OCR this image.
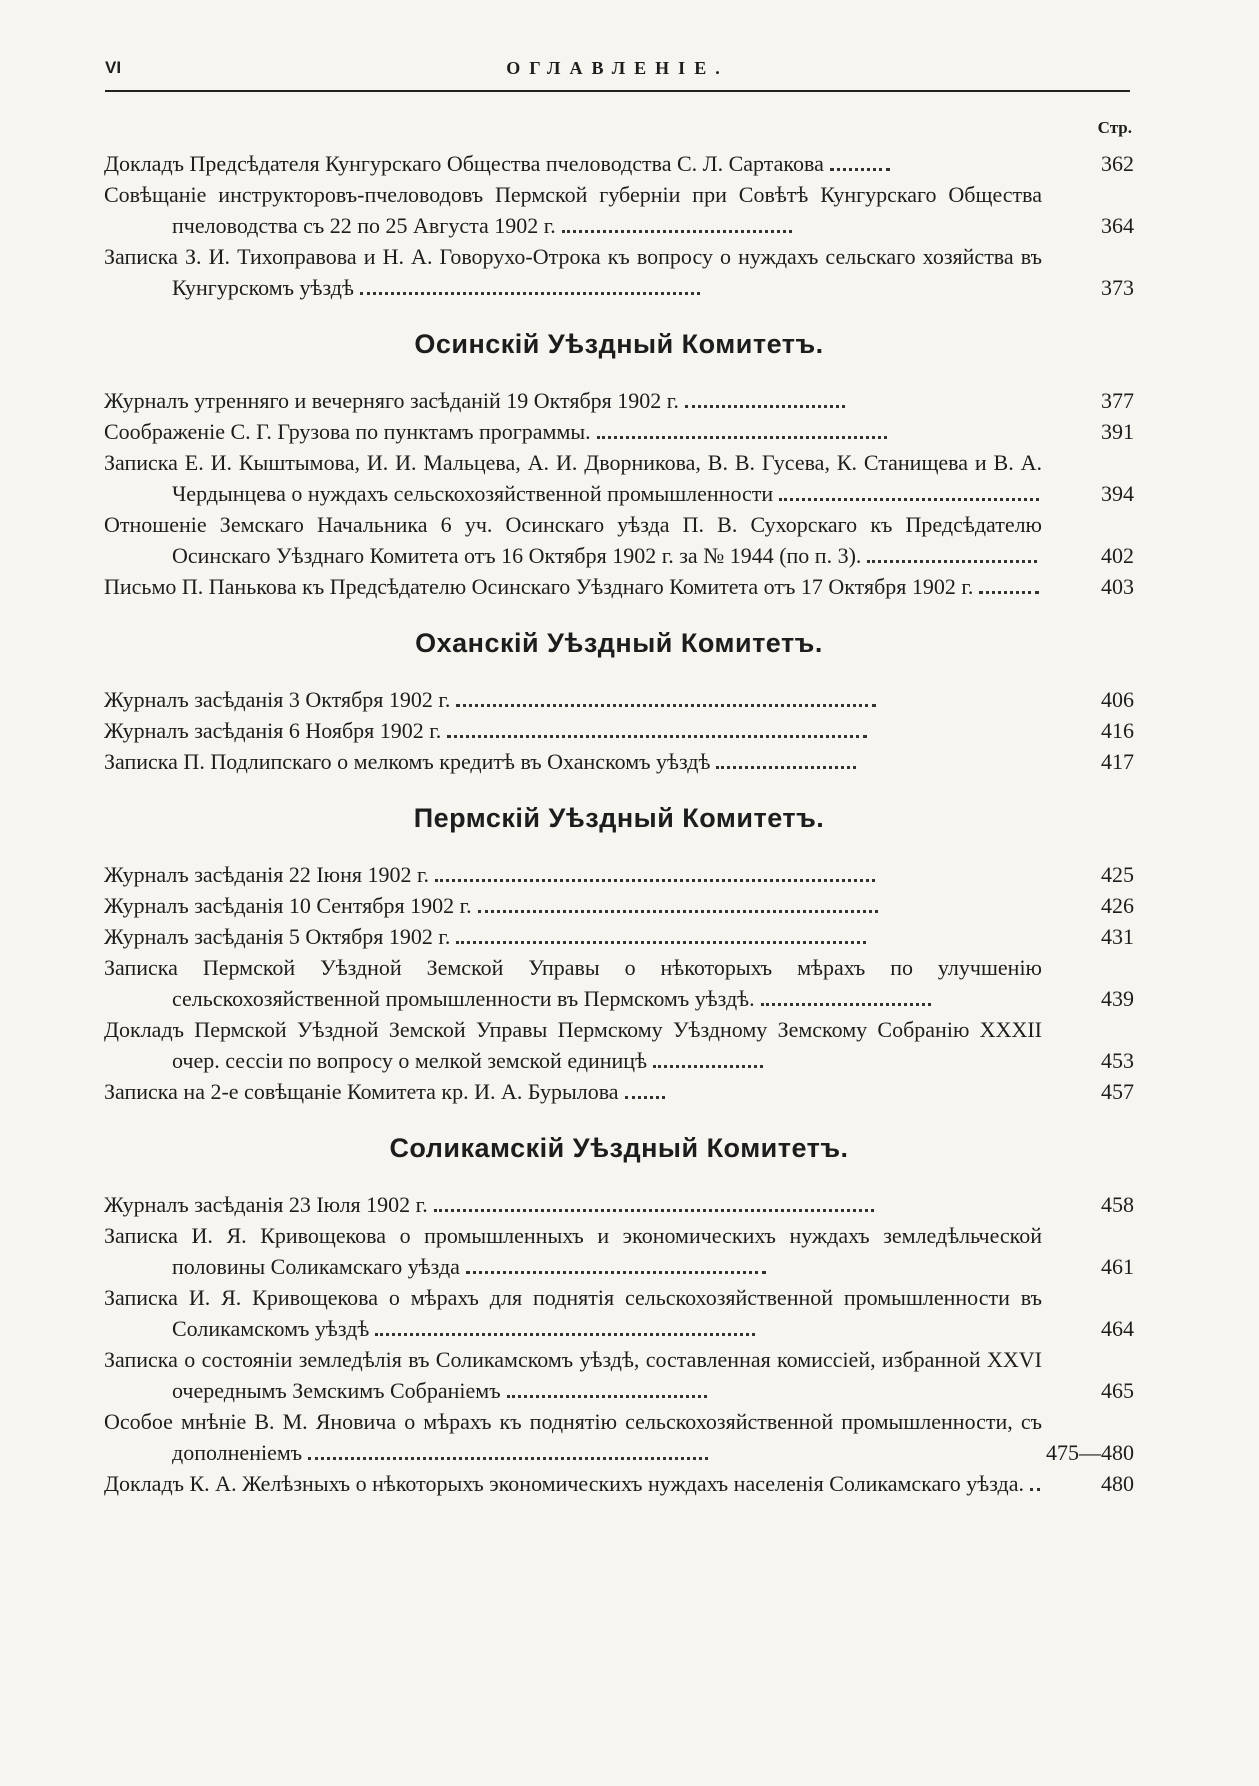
VI	ОГЛАВЛЕНІЕ.
Стр.
Докладъ Предсѣдателя Кунгурскаго Общества пчеловодства С. Л. Сартакова	362
Совѣщаніе инструкторовъ-пчеловодовъ Пермской губерніи при Совѣтѣ Кунгурскаго Общества пчеловодства съ 22 по 25 Августа 1902 г.	364
Записка З. И. Тихоправова и Н. А. Говорухо-Отрока къ вопросу о нуждахъ сельскаго хозяйства въ Кунгурскомъ уѣздѣ	373
Осинскій Уѣздный Комитетъ.
Журналъ утренняго и вечерняго засѣданій 19 Октября 1902 г.	377
Соображеніе С. Г. Грузова по пунктамъ программы.	391
Записка Е. И. Кыштымова, И. И. Мальцева, А. И. Дворникова, В. В. Гусева, К. Станищева и В. А. Чердынцева о нуждахъ сельскохозяйственной промышленности	394
Отношеніе Земскаго Начальника 6 уч. Осинскаго уѣзда П. В. Сухорскаго къ Предсѣдателю Осинскаго Уѣзднаго Комитета отъ 16 Октября 1902 г. за № 1944 (по п. 3).	402
Письмо П. Панькова къ Предсѣдателю Осинскаго Уѣзднаго Комитета отъ 17 Октября 1902 г.	403
Оханскій Уѣздный Комитетъ.
Журналъ засѣданія 3 Октября 1902 г.	406
Журналъ засѣданія 6 Ноября 1902 г.	416
Записка П. Подлипскаго о мелкомъ кредитѣ въ Оханскомъ уѣздѣ	417
Пермскій Уѣздный Комитетъ.
Журналъ засѣданія 22 Іюня 1902 г.	425
Журналъ засѣданія 10 Сентября 1902 г.	426
Журналъ засѣданія 5 Октября 1902 г.	431
Записка Пермской Уѣздной Земской Управы о нѣкоторыхъ мѣрахъ по улучшенію сельскохозяйственной промышленности въ Пермскомъ уѣздѣ.	439
Докладъ Пермской Уѣздной Земской Управы Пермскому Уѣздному Земскому Собранію XXXII очер. сессіи по вопросу о мелкой земской единицѣ	453
Записка на 2-е совѣщаніе Комитета кр. И. А. Бурылова	457
Соликамскій Уѣздный Комитетъ.
Журналъ засѣданія 23 Іюля 1902 г.	458
Записка И. Я. Кривощекова о промышленныхъ и экономическихъ нуждахъ земледѣльческой половины Соликамскаго уѣзда	461
Записка И. Я. Кривощекова о мѣрахъ для поднятія сельскохозяйственной промышленности въ Соликамскомъ уѣздѣ	464
Записка о состояніи земледѣлія въ Соликамскомъ уѣздѣ, составленная комиссіей, избранной XXVI очереднымъ Земскимъ Собраніемъ	465
Особое мнѣніе В. М. Яновича о мѣрахъ къ поднятію сельскохозяйственной промышленности, съ дополненіемъ	475—480
Докладъ К. А. Желѣзныхъ о нѣкоторыхъ экономическихъ нуждахъ населенія Соликамскаго уѣзда.	480
